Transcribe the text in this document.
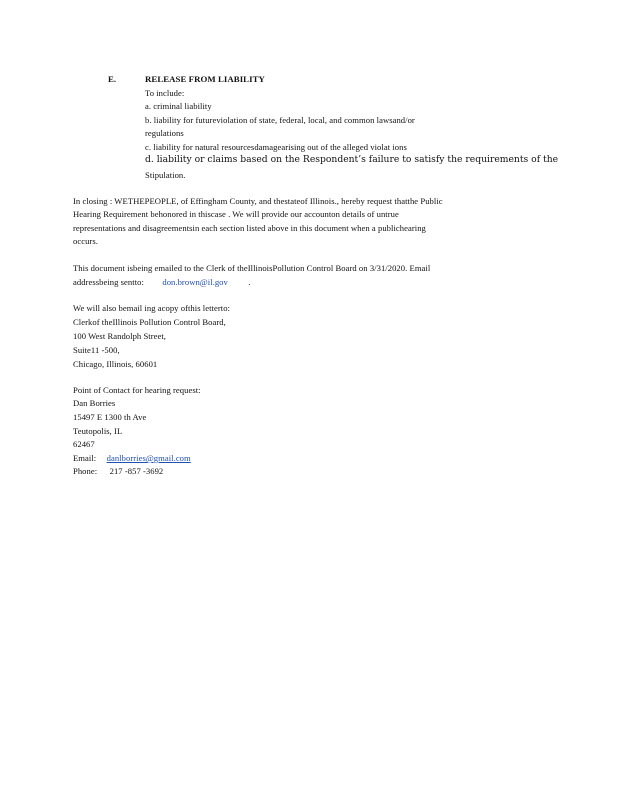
E.	RELEASE FROM LIABILITY
To include:
a. criminal liability
b. liability for futureviolation of state, federal, local, and common lawsand/or
regulations
c. liability for natural resourcesdamagearising out of the alleged violat ions
d. liability or claims based on the Respondent’s failure to satisfy the requirements of the
Stipulation.
In closing : WETHEPEOPLE, of Effingham County, and thestateof Illinois., hereby request thatthe Public
Hearing Requirement behonored in thiscase . We will provide our accounton details of untrue
representations and disagreementsin each section listed above in this document when a publichearing
occurs.
This document isbeing emailed to the Clerk of theIllinoisPollution Control Board on 3/31/2020. Email
addressbeing sentto: don.brown@il.gov .
We will also bemail ing acopy ofthis letterto:
Clerkof theIllinois Pollution Control Board,
100 West Randolph Street,
Suite11 -500,
Chicago, Illinois, 60601
Point of Contact for hearing request:
Dan Borries
15497 E 1300 th Ave
Teutopolis, IL
62467
Email: danlborries@gmail.com
Phone: 217 -857 -3692
